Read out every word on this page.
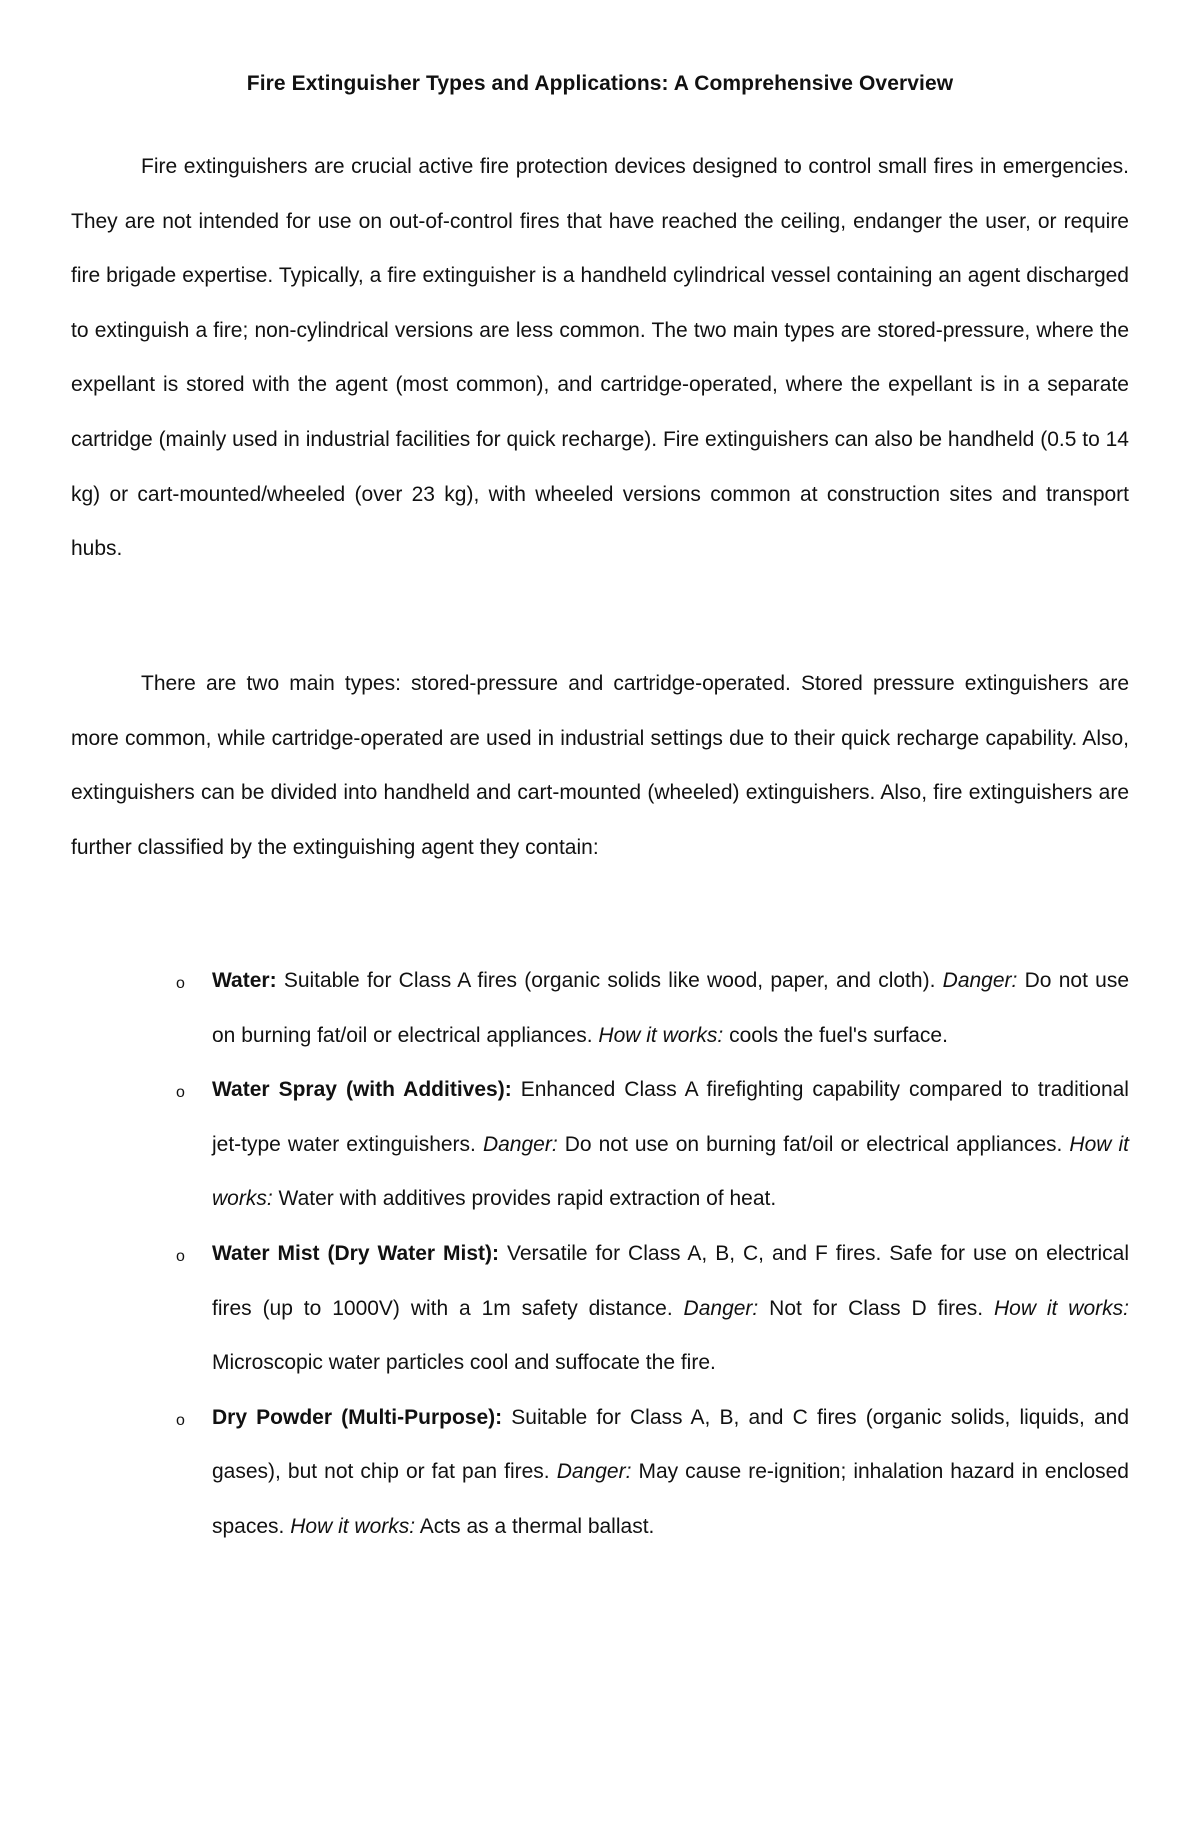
Fire Extinguisher Types and Applications: A Comprehensive Overview

Fire extinguishers are crucial active fire protection devices designed to control small fires in emergencies. They are not intended for use on out-of-control fires that have reached the ceiling, endanger the user, or require fire brigade expertise. Typically, a fire extinguisher is a handheld cylindrical vessel containing an agent discharged to extinguish a fire; non-cylindrical versions are less common. The two main types are stored-pressure, where the expellant is stored with the agent (most common), and cartridge-operated, where the expellant is in a separate cartridge (mainly used in industrial facilities for quick recharge). Fire extinguishers can also be handheld (0.5 to 14 kg) or cart-mounted/wheeled (over 23 kg), with wheeled versions common at construction sites and transport hubs.

There are two main types: stored-pressure and cartridge-operated. Stored pressure extinguishers are more common, while cartridge-operated are used in industrial settings due to their quick recharge capability. Also, extinguishers can be divided into handheld and cart-mounted (wheeled) extinguishers. Also, fire extinguishers are further classified by the extinguishing agent they contain:

o Water: Suitable for Class A fires (organic solids like wood, paper, and cloth). Danger: Do not use on burning fat/oil or electrical appliances. How it works: cools the fuel's surface.
o Water Spray (with Additives): Enhanced Class A firefighting capability compared to traditional jet-type water extinguishers. Danger: Do not use on burning fat/oil or electrical appliances. How it works: Water with additives provides rapid extraction of heat.
o Water Mist (Dry Water Mist): Versatile for Class A, B, C, and F fires. Safe for use on electrical fires (up to 1000V) with a 1m safety distance. Danger: Not for Class D fires. How it works: Microscopic water particles cool and suffocate the fire.
o Dry Powder (Multi-Purpose): Suitable for Class A, B, and C fires (organic solids, liquids, and gases), but not chip or fat pan fires. Danger: May cause re-ignition; inhalation hazard in enclosed spaces. How it works: Acts as a thermal ballast.
